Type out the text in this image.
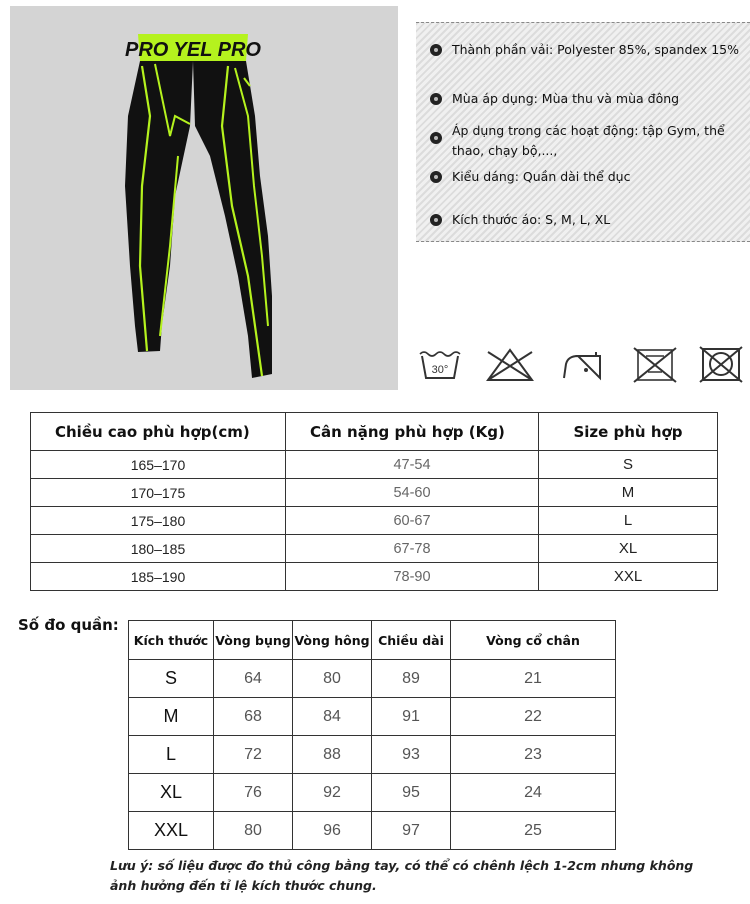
PRO YEL PRO	Thành phần vải: Polyester 85%, spandex 15%
Mùa áp dụng: Mùa thu và mùa đông
Áp dụng trong các hoạt động: tập Gym, thể thao, chạy bộ,...,
Kiểu dáng: Quần dài thể dục
Kích thước áo: S, M, L, XL
30°
Chiều cao phù hợp(cm)	Cân nặng phù hợp (Kg)	Size phù hợp
165–170	47-54	S
170–175	54-60	M
175–180	60-67	L
180–185	67-78	XL
185–190	78-90	XXL
Số đo quần:
Kích thước	Vòng bụng	Vòng hông	Chiều dài	Vòng cổ chân
S	64	80	89	21
M	68	84	91	22
L	72	88	93	23
XL	76	92	95	24
XXL	80	96	97	25
Lưu ý: số liệu được đo thủ công bằng tay, có thể có chênh lệch 1-2cm nhưng không ảnh hưởng đến tỉ lệ kích thước chung.
